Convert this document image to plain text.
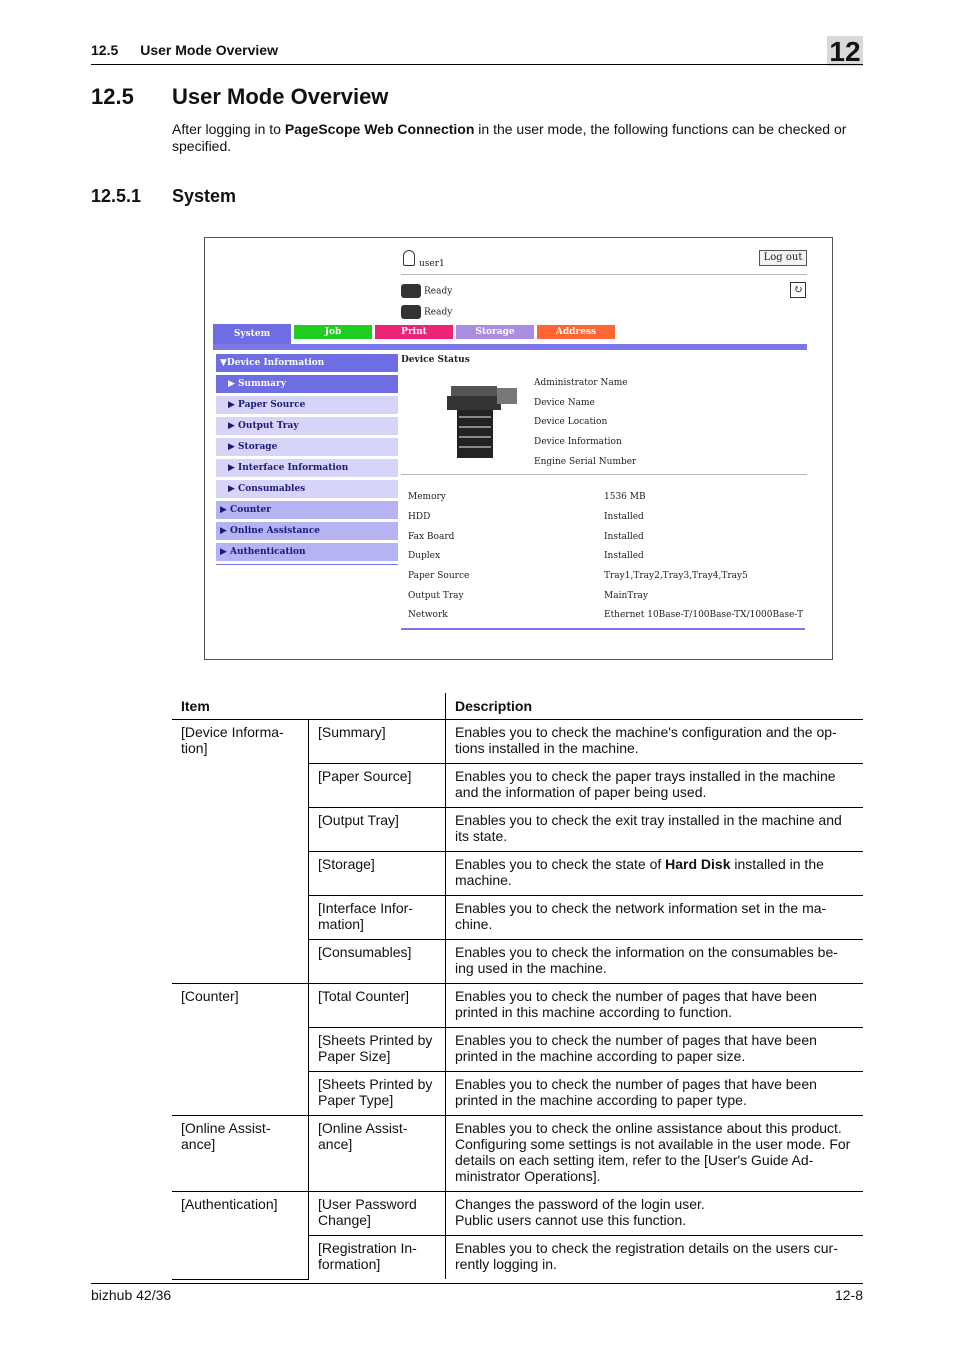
12.5 User Mode Overview	12
12.5 User Mode Overview
After logging in to PageScope Web Connection in the user mode, the following functions can be checked or specified.
12.5.1 System
user1
Log out
Ready
Ready
↻
System	Job	Print	Storage	Address
▼Device Information
▶ Summary
▶ Paper Source
▶ Output Tray
▶ Storage
▶ Interface Information
▶ Consumables
▶ Counter
▶ Online Assistance
▶ Authentication
Device Status
Administrator Name
Device Name
Device Location
Device Information
Engine Serial Number
Memory	1536 MB
HDD	Installed
Fax Board	Installed
Duplex	Installed
Paper Source	Tray1,Tray2,Tray3,Tray4,Tray5
Output Tray	MainTray
Network	Ethernet 10Base-T/100Base-TX/1000Base-T
Item		Description
[Device Informa-tion]	[Summary]	Enables you to check the machine's configuration and the op-tions installed in the machine.
	[Paper Source]	Enables you to check the paper trays installed in the machine and the information of paper being used.
	[Output Tray]	Enables you to check the exit tray installed in the machine and its state.
	[Storage]	Enables you to check the state of Hard Disk installed in the machine.
	[Interface Infor-mation]	Enables you to check the network information set in the ma-chine.
	[Consumables]	Enables you to check the information on the consumables be-ing used in the machine.
[Counter]	[Total Counter]	Enables you to check the number of pages that have been printed in this machine according to function.
	[Sheets Printed by Paper Size]	Enables you to check the number of pages that have been printed in the machine according to paper size.
	[Sheets Printed by Paper Type]	Enables you to check the number of pages that have been printed in the machine according to paper type.
[Online Assist-ance]	[Online Assist-ance]	Enables you to check the online assistance about this product. Configuring some settings is not available in the user mode. For details on each setting item, refer to the [User's Guide Ad-ministrator Operations].
[Authentication]	[User Password Change]	Changes the password of the login user.
Public users cannot use this function.
	[Registration In-formation]	Enables you to check the registration details on the users cur-rently logging in.
bizhub 42/36	12-8
